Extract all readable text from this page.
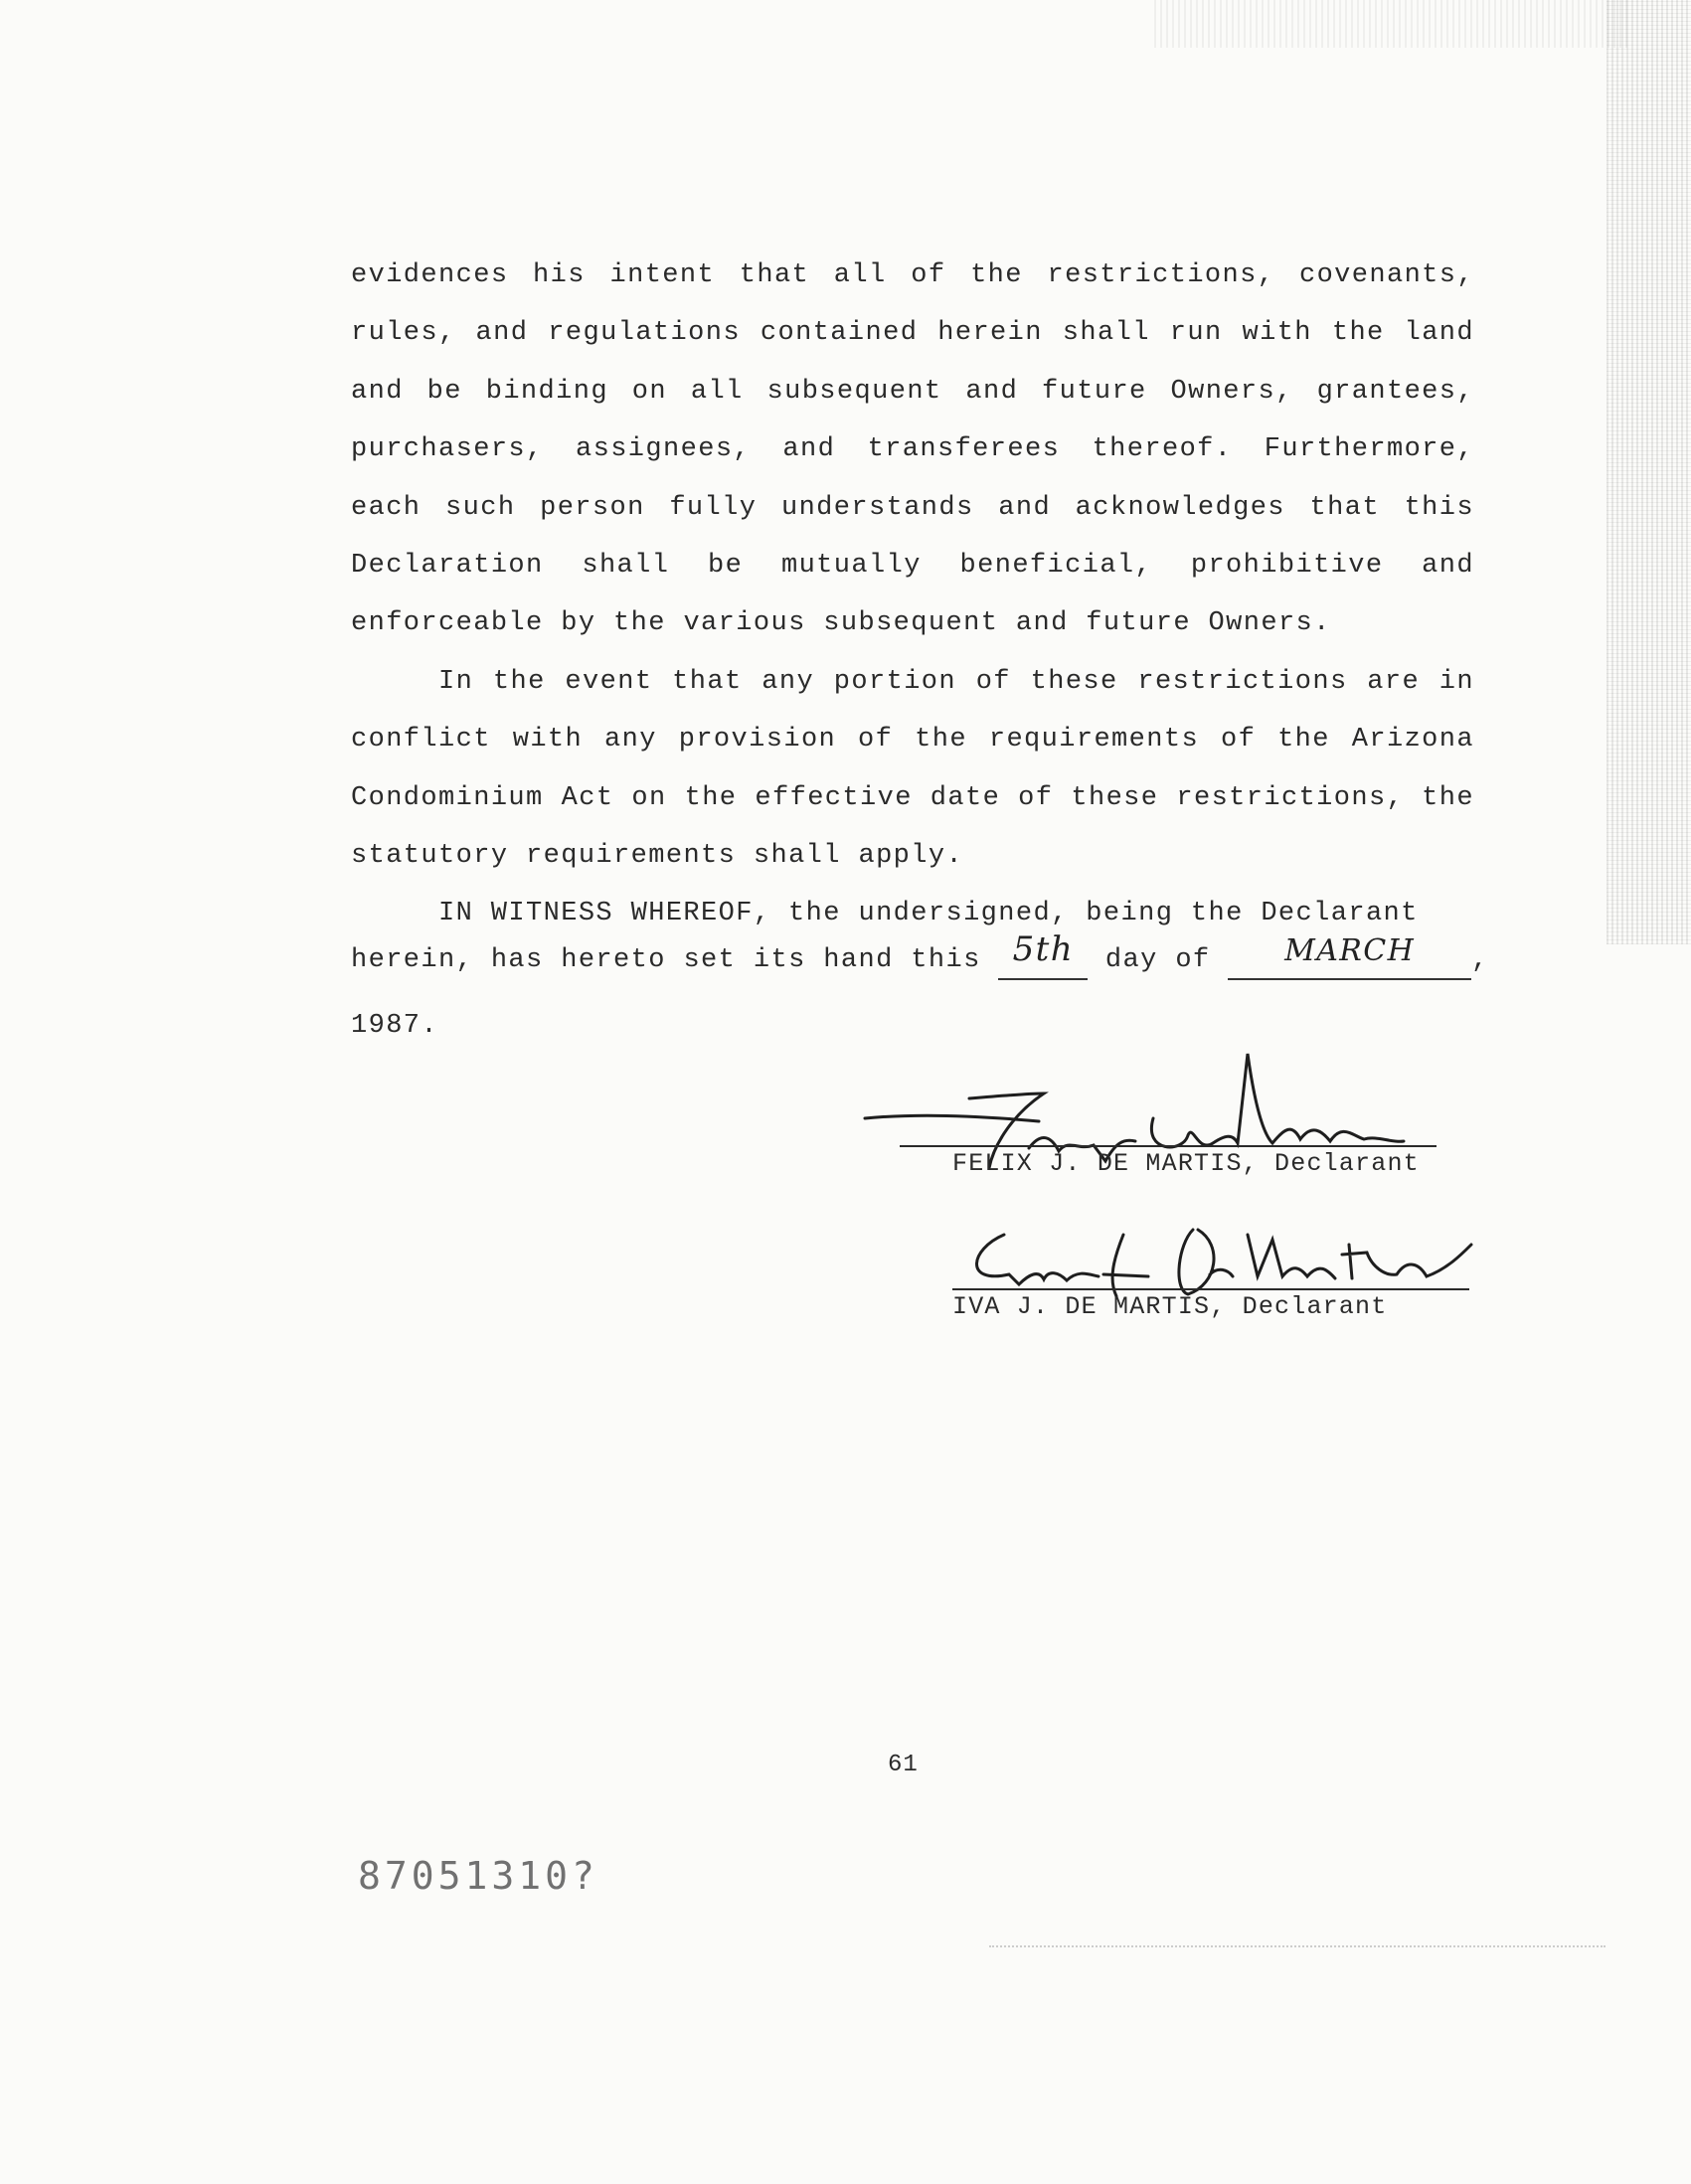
evidences his intent that all of the restrictions, covenants, rules, and regulations contained herein shall run with the land and be binding on all subsequent and future Owners, grantees, purchasers, assignees, and transferees thereof. Furthermore, each such person fully understands and acknowledges that this Declaration shall be mutually beneficial, prohibitive and enforceable by the various subsequent and future Owners.

In the event that any portion of these restrictions are in conflict with any provision of the requirements of the Arizona Condominium Act on the effective date of these restrictions, the statutory requirements shall apply.

IN WITNESS WHEREOF, the undersigned, being the Declarant

herein, has hereto set its hand this 5th day of MARCH ,
1987.
FELIX J. DE MARTIS, Declarant
IVA J. DE MARTIS, Declarant
61
87051310?
